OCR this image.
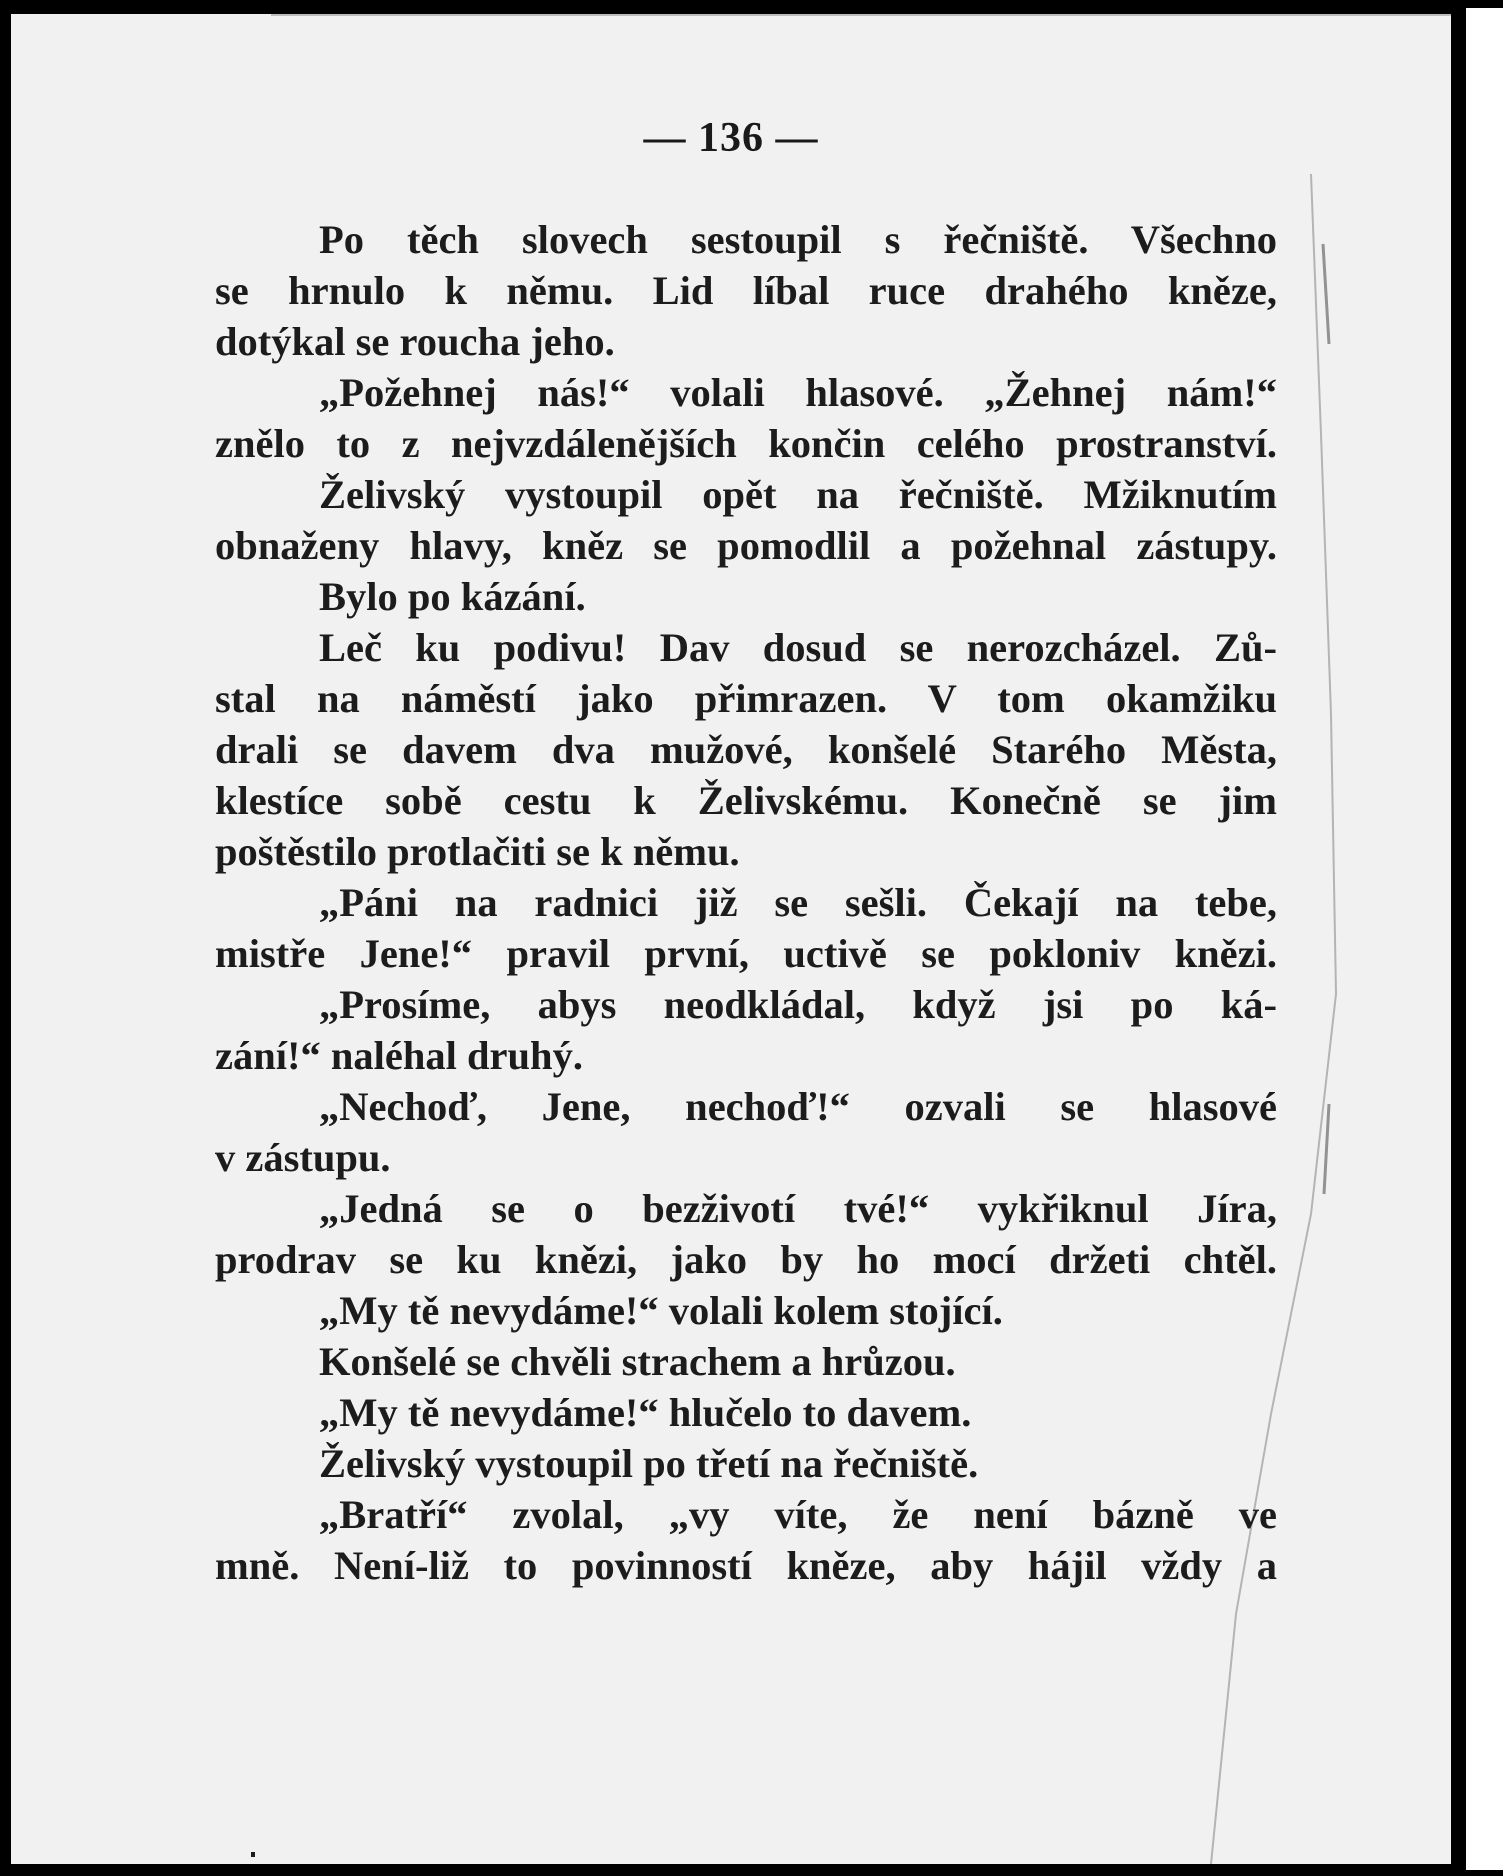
— 136 —
Po těch slovech sestoupil s řečniště. Všechno
se hrnulo k němu. Lid líbal ruce drahého kněze,
dotýkal se roucha jeho.
„Požehnej nás!“ volali hlasové. „Žehnej nám!“
znělo to z nejvzdálenějších končin celého prostranství.
Želivský vystoupil opět na řečniště. Mžiknutím
obnaženy hlavy, kněz se pomodlil a požehnal zástupy.
Bylo po kázání.
Leč ku podivu! Dav dosud se nerozcházel. Zů-
stal na náměstí jako přimrazen. V tom okamžiku
drali se davem dva mužové, konšelé Starého Města,
klestíce sobě cestu k Želivskému. Konečně se jim
poštěstilo protlačiti se k němu.
„Páni na radnici již se sešli. Čekají na tebe,
mistře Jene!“ pravil první, uctivě se pokloniv knězi.
„Prosíme, abys neodkládal, když jsi po ká-
zání!“ naléhal druhý.
„Nechoď, Jene, nechoď!“ ozvali se hlasové
v zástupu.
„Jedná se o bezživotí tvé!“ vykřiknul Jíra,
prodrav se ku knězi, jako by ho mocí držeti chtěl.
„My tě nevydáme!“ volali kolem stojící.
Konšelé se chvěli strachem a hrůzou.
„My tě nevydáme!“ hlučelo to davem.
Želivský vystoupil po třetí na řečniště.
„Bratří“ zvolal, „vy víte, že není bázně ve
mně. Není-liž to povinností kněze, aby hájil vždy a
